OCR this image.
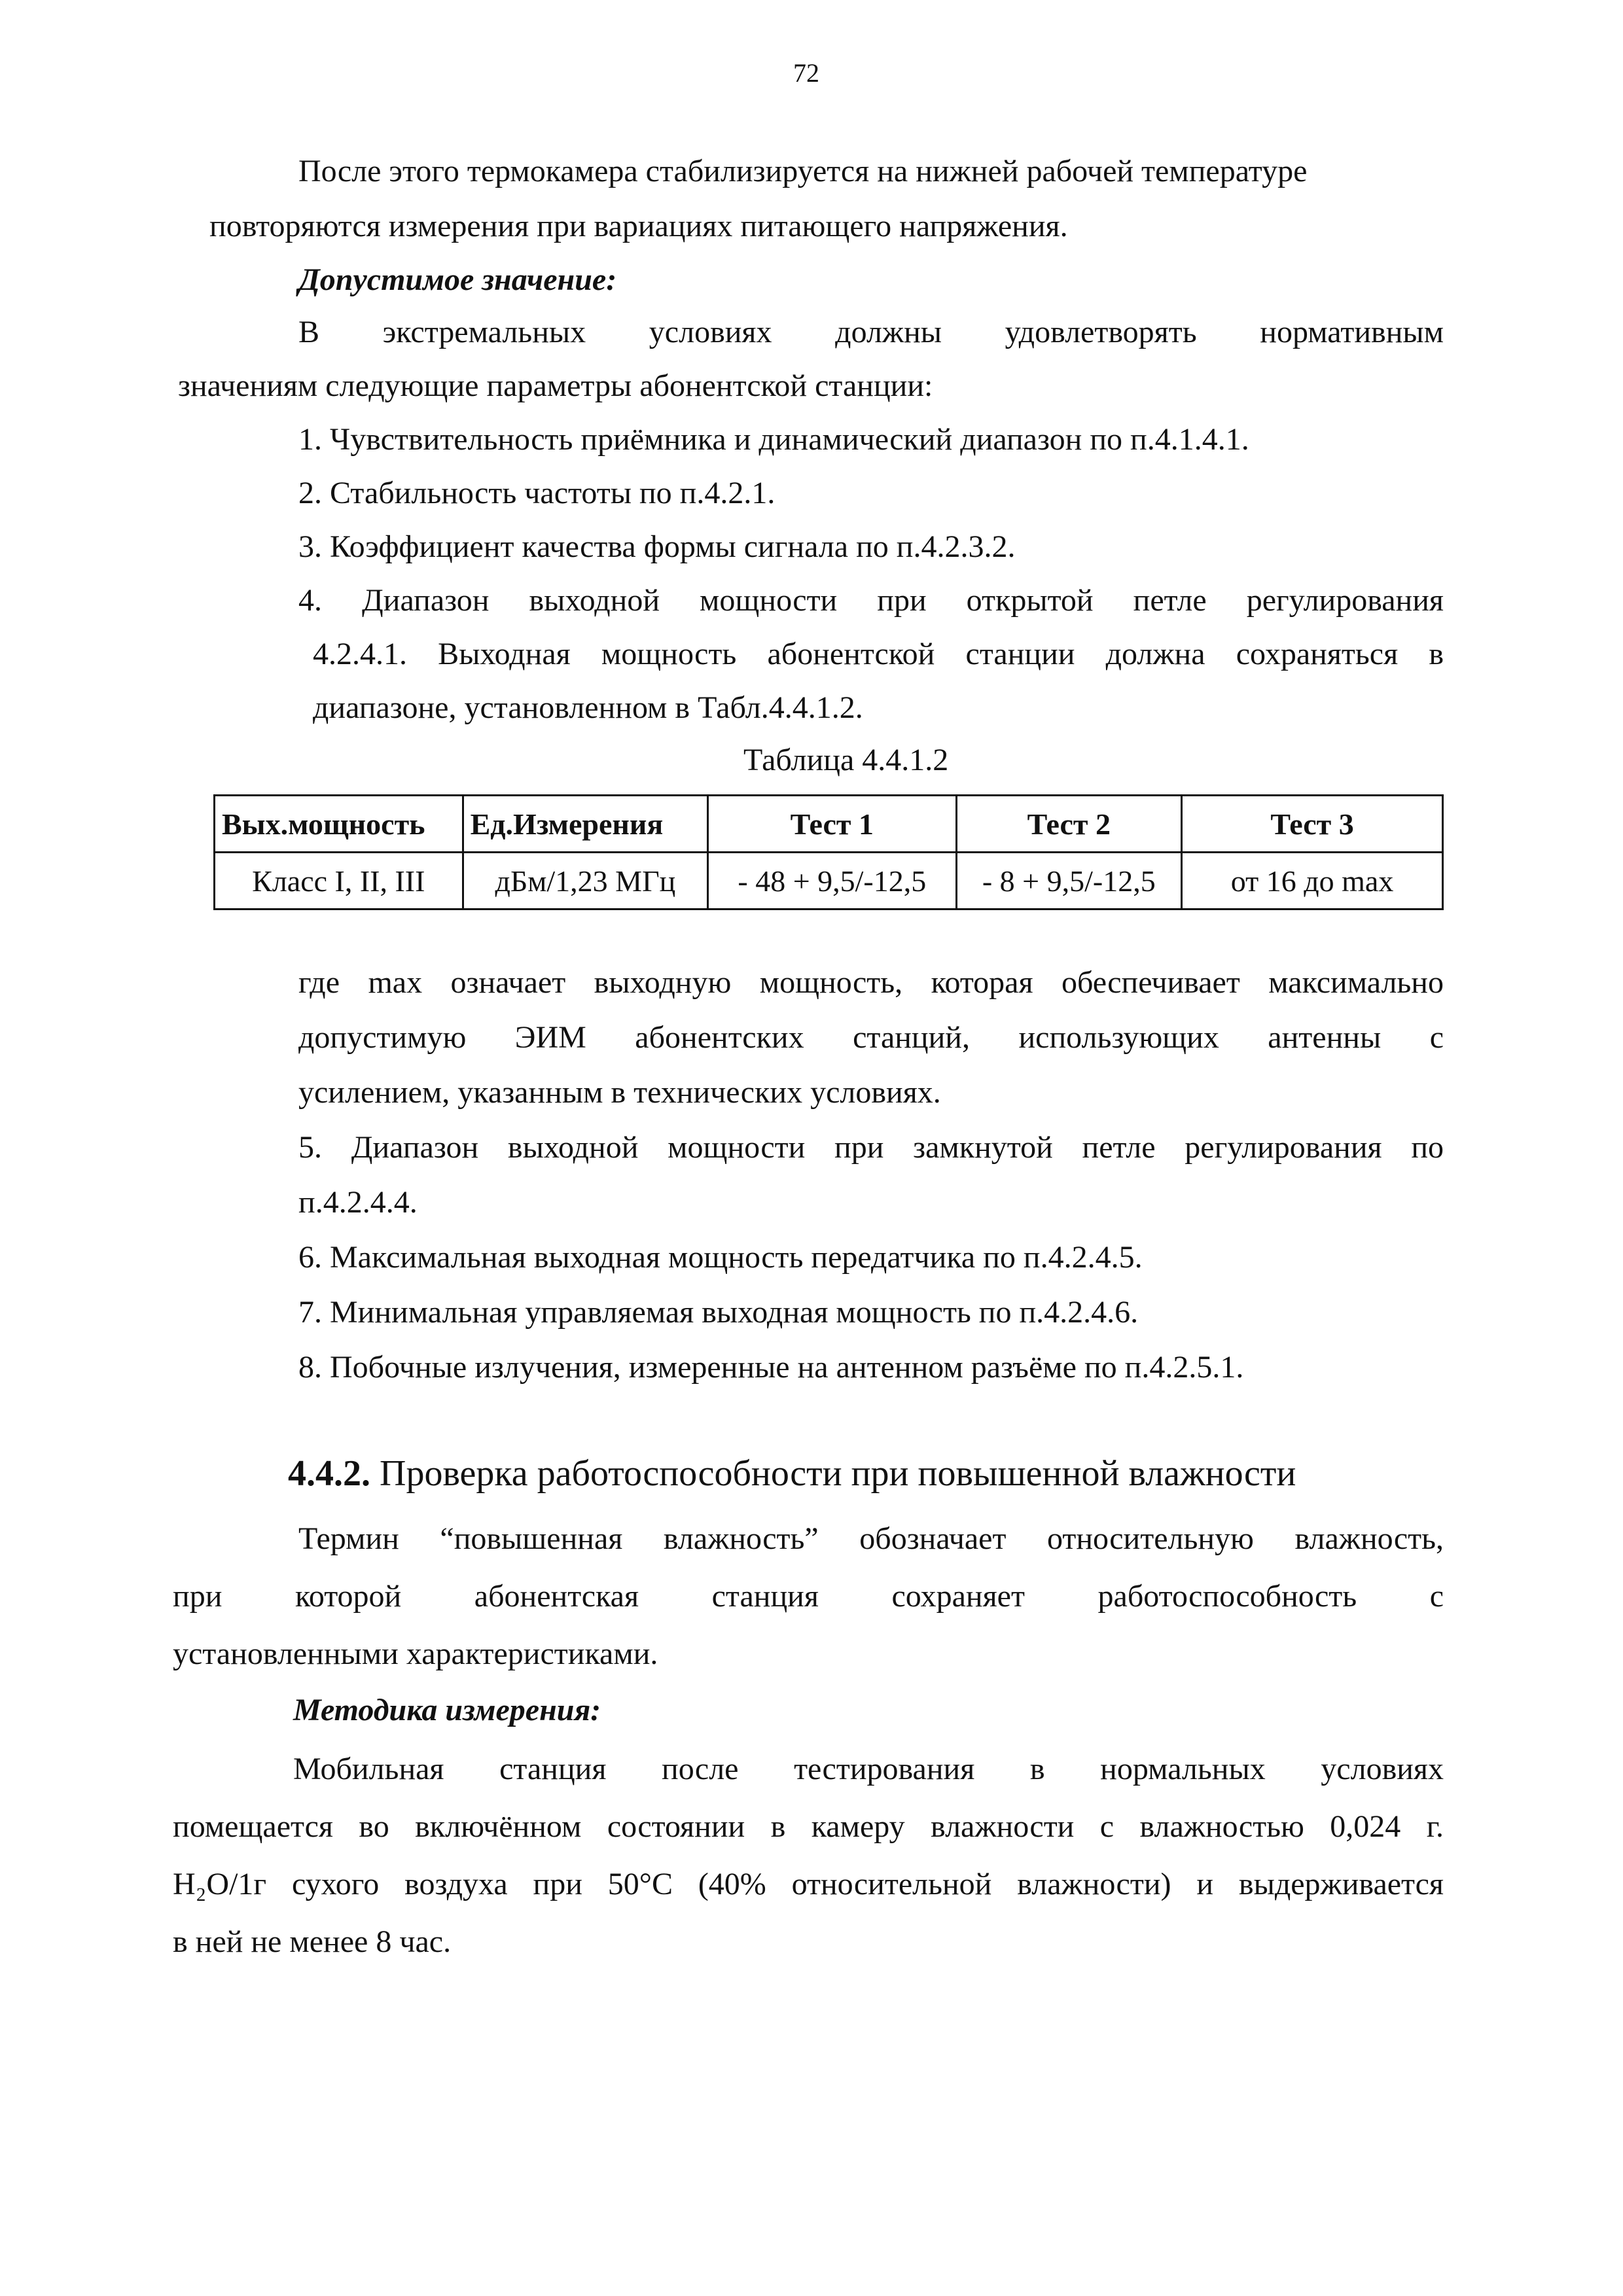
72
После этого термокамера стабилизируется на нижней рабочей температуре
повторяются измерения при вариациях питающего напряжения.
Допустимое значение:
В экстремальных условиях должны удовлетворять нормативным
значениям следующие параметры абонентской станции:
1. Чувствительность приёмника и динамический диапазон по п.4.1.4.1.
2. Стабильность частоты по п.4.2.1.
3. Коэффициент качества формы сигнала по п.4.2.3.2.
4. Диапазон выходной мощности при открытой петле регулирования
4.2.4.1. Выходная мощность абонентской станции должна сохраняться в
диапазоне, установленном в Табл.4.4.1.2.
Таблица 4.4.1.2
Вых.мощность	Ед.Измерения	Тест 1	Тест 2	Тест 3
Класс I, II, III	дБм/1,23 МГц	- 48 + 9,5/-12,5	- 8 + 9,5/-12,5	от 16 до max
где max означает выходную мощность, которая обеспечивает максимально
допустимую ЭИМ абонентских станций, использующих антенны с
усилением, указанным в технических условиях.
5. Диапазон выходной мощности при замкнутой петле регулирования по
п.4.2.4.4.
6. Максимальная выходная мощность передатчика по п.4.2.4.5.
7. Минимальная управляемая выходная мощность по п.4.2.4.6.
8. Побочные излучения, измеренные на антенном разъёме по п.4.2.5.1.
4.4.2. Проверка работоспособности при повышенной влажности
Термин “повышенная влажность” обозначает относительную влажность,
при которой абонентская станция сохраняет работоспособность с
установленными характеристиками.
Методика измерения:
Мобильная станция после тестирования в нормальных условиях
помещается во включённом состоянии в камеру влажности с влажностью 0,024 г.
H₂O/1г сухого воздуха при 50°С (40% относительной влажности) и выдерживается
в ней не менее 8 час.
